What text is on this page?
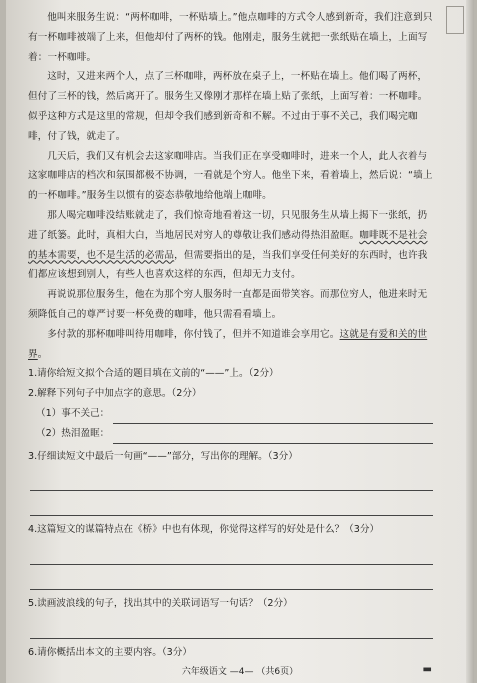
他叫来服务生说：“两杯咖啡，一杯贴墙上。”他点咖啡的方式令人感到新奇，我们注意到只有一杯咖啡被端了上来，但他却付了两杯的钱。他刚走，服务生就把一张纸贴在墙上，上面写着：一杯咖啡。

这时，又进来两个人，点了三杯咖啡，两杯放在桌子上，一杯贴在墙上。他们喝了两杯，但付了三杯的钱，然后离开了。服务生又像刚才那样在墙上贴了张纸，上面写着：一杯咖啡。似乎这种方式是这里的常规，但却令我们感到新奇和不解。不过由于事不关己，我们喝完咖啡，付了钱，就走了。

几天后，我们又有机会去这家咖啡店。当我们正在享受咖啡时，进来一个人，此人衣着与这家咖啡店的档次和氛围都极不协调，一看就是个穷人。他坐下来，看着墙上，然后说：“墙上的一杯咖啡。”服务生以惯有的姿态恭敬地给他端上咖啡。

那人喝完咖啡没结账就走了，我们惊奇地看着这一切，只见服务生从墙上揭下一张纸，扔进了纸篓。此时，真相大白，当地居民对穷人的尊敬让我们感动得热泪盈眶。咖啡既不是社会的基本需要，也不是生活的必需品，但需要指出的是，当我们享受任何美好的东西时，也许我们都应该想到别人，有些人也喜欢这样的东西，但却无力支付。

再说说那位服务生，他在为那个穷人服务时一直都是面带笑容。而那位穷人，他进来时无须降低自己的尊严讨要一杯免费的咖啡，他只需看看墙上。

多付款的那杯咖啡叫待用咖啡，你付钱了，但并不知道谁会享用它。这就是有爱和关的世界。

1.请你给短文拟个合适的题目填在文前的“——”上。（2分）

2.解释下列句子中加点字的意思。（2分）

（1）事不关己：
（2）热泪盈眶：

3.仔细读短文中最后一句画“——”部分，写出你的理解。（3分）

4.这篇短文的谋篇特点在《桥》中也有体现，你觉得这样写的好处是什么？（3分）

5.读画波浪线的句子，找出其中的关联词语写一句话？（2分）

6.请你概括出本文的主要内容。（3分）

六年级语文 —4— （共6页）	▬
